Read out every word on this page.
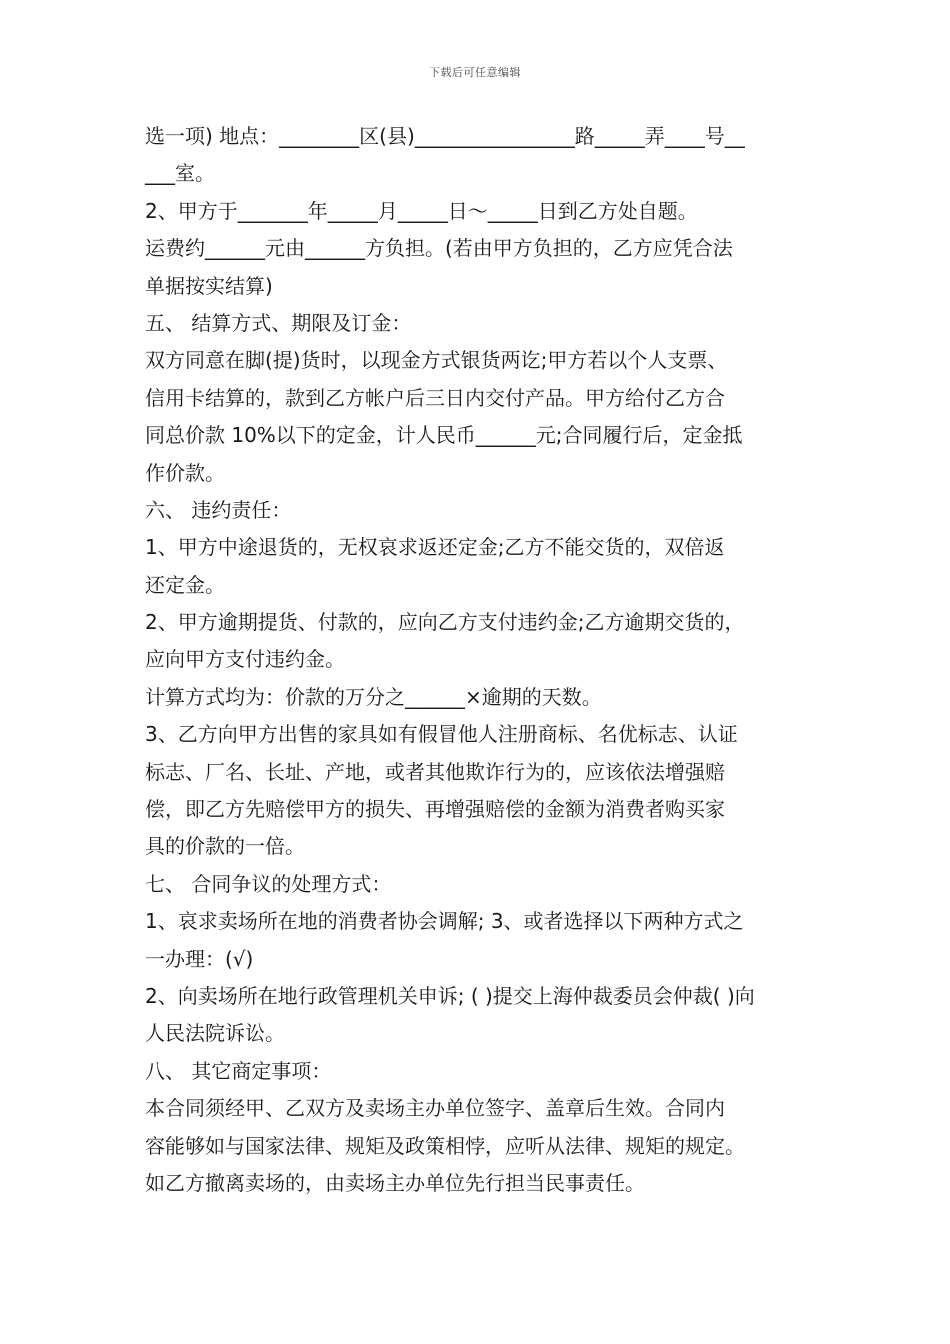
下载后可任意编辑
选一项) 地点：________区(县)________________路_____弄____号__
___室。
2、甲方于_______年_____月_____日～_____日到乙方处自题。
运费约______元由______方负担。(若由甲方负担的，乙方应凭合法
单据按实结算)
五、 结算方式、期限及订金：
双方同意在脚(提)货时，以现金方式银货两讫;甲方若以个人支票、
信用卡结算的，款到乙方帐户后三日内交付产品。甲方给付乙方合
同总价款 10%以下的定金，计人民币______元;合同履行后，定金抵
作价款。
六、 违约责任：
1、甲方中途退货的，无权哀求返还定金;乙方不能交货的，双倍返
还定金。
2、甲方逾期提货、付款的，应向乙方支付违约金;乙方逾期交货的，
应向甲方支付违约金。
计算方式均为：价款的万分之______×逾期的天数。
3、乙方向甲方出售的家具如有假冒他人注册商标、名优标志、认证
标志、厂名、长址、产地，或者其他欺诈行为的，应该依法增强赔
偿，即乙方先赔偿甲方的损失、再增强赔偿的金额为消费者购买家
具的价款的一倍。
七、 合同争议的处理方式：
1、哀求卖场所在地的消费者协会调解; 3、或者选择以下两种方式之
一办理：(√)
2、向卖场所在地行政管理机关申诉; ( )提交上海仲裁委员会仲裁( )向
人民法院诉讼。
八、 其它商定事项：
本合同须经甲、乙双方及卖场主办单位签字、盖章后生效。合同内
容能够如与国家法律、规矩及政策相悖，应听从法律、规矩的规定。
如乙方撤离卖场的，由卖场主办单位先行担当民事责任。
